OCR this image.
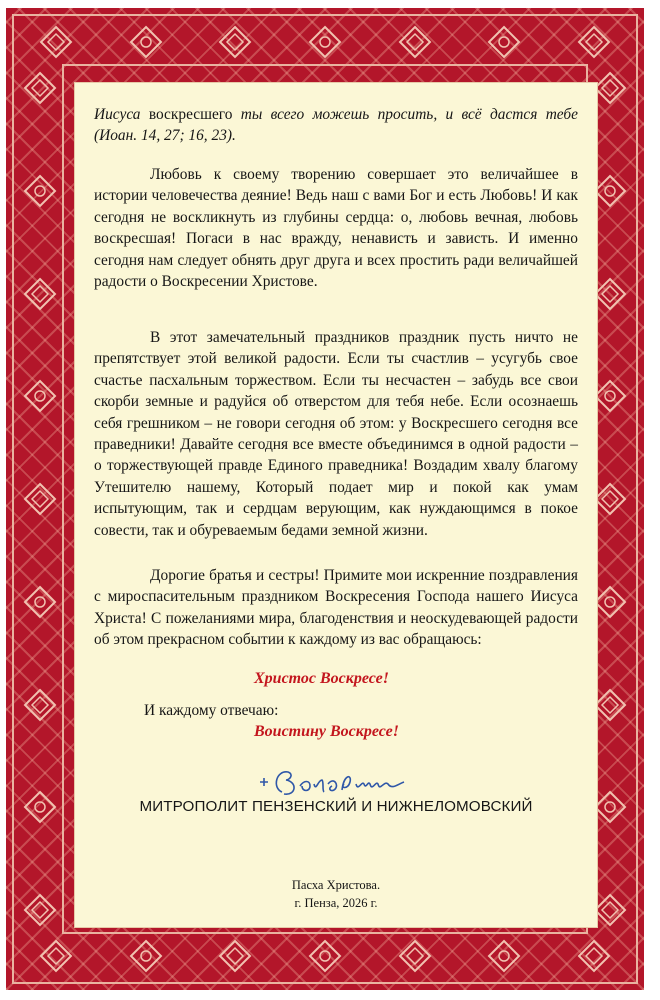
Иисуса воскресшего ты всего можешь просить, и всё дастся тебе (Иоан. 14, 27; 16, 23).
Любовь к своему творению совершает это величайшее в истории человечества деяние! Ведь наш с вами Бог и есть Любовь! И как сегодня не воскликнуть из глубины сердца: о, любовь вечная, любовь воскресшая! Погаси в нас вражду, ненависть и зависть. И именно сегодня нам следует обнять друг друга и всех простить ради величайшей радости о Воскресении Христове.
В этот замечательный праздников праздник пусть ничто не препятствует этой великой радости. Если ты счастлив – усугубь свое счастье пасхальным торжеством. Если ты несчастен – забудь все свои скорби земные и радуйся об отверстом для тебя небе. Если осознаешь себя грешником – не говори сегодня об этом: у Воскресшего сегодня все праведники! Давайте сегодня все вместе объединимся в одной радости – о торжествующей правде Единого праведника! Воздадим хвалу благому Утешителю нашему, Который подает мир и покой как умам испытующим, так и сердцам верующим, как нуждающимся в покое совести, так и обуреваемым бедами земной жизни.
Дорогие братья и сестры! Примите мои искренние поздравления с мироспасительным праздником Воскресения Господа нашего Иисуса Христа! С пожеланиями мира, благоденствия и неоскудевающей радости об этом прекрасном событии к каждому из вас обращаюсь:
Христос Воскресе!
И каждому отвечаю:
Воистину Воскресе!
МИТРОПОЛИТ ПЕНЗЕНСКИЙ И НИЖНЕЛОМОВСКИЙ
Пасха Христова.
г. Пенза, 2026 г.
